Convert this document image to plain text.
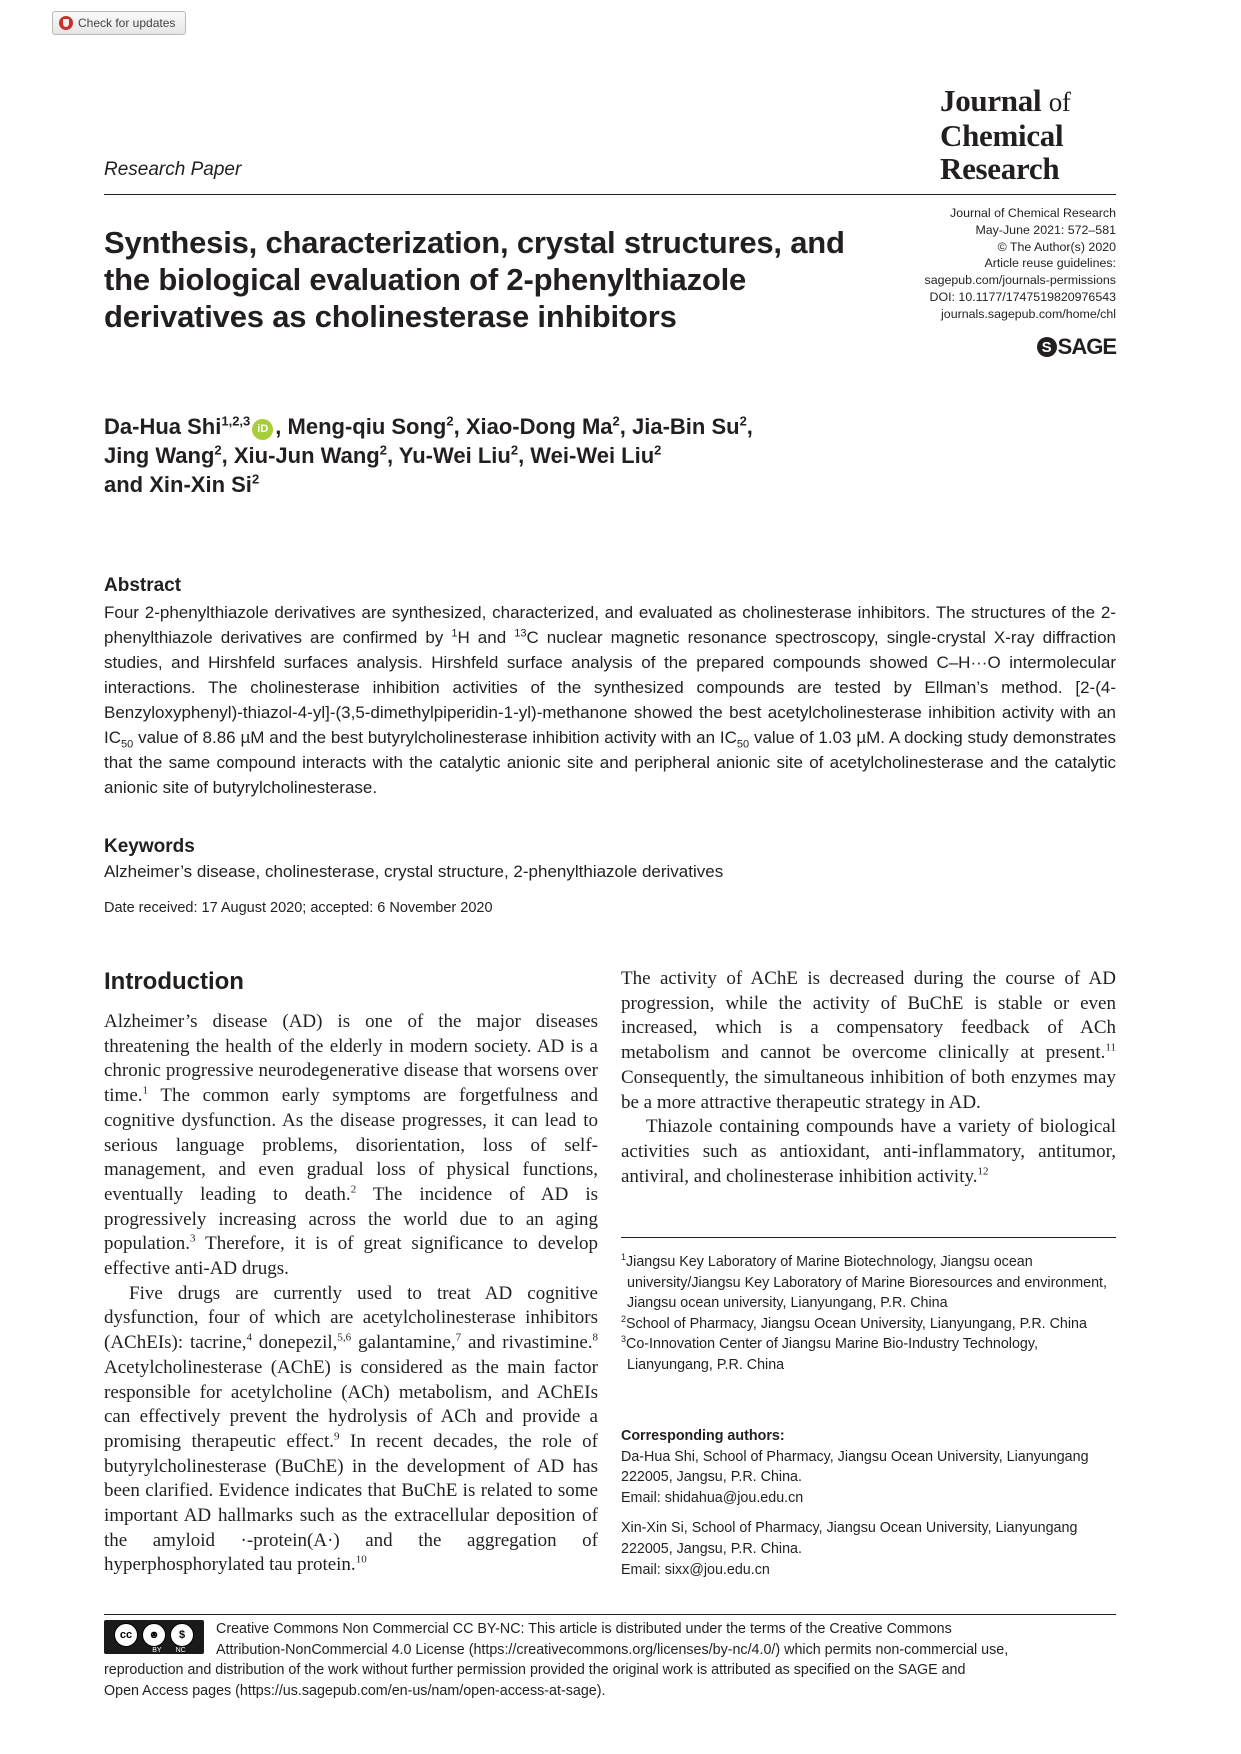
Check for updates
Journal of
Chemical
Research
Research Paper
Synthesis, characterization, crystal structures, and the biological evaluation of 2-phenylthiazole derivatives as cholinesterase inhibitors
Journal of Chemical Research
May-June 2021: 572–581
© The Author(s) 2020
Article reuse guidelines:
sagepub.com/journals-permissions
DOI: 10.1177/1747519820976543
journals.sagepub.com/home/chl
S SAGE
Da-Hua Shi$^{1,2,3}$iD , Meng-qiu Song$^2$, Xiao-Dong Ma$^2$, Jia-Bin Su$^2$,
Jing Wang$^2$, Xiu-Jun Wang$^2$, Yu-Wei Liu$^2$, Wei-Wei Liu$^2$
and Xin-Xin Si$^2$
Abstract

Four 2-phenylthiazole derivatives are synthesized, characterized, and evaluated as cholinesterase inhibitors. The structures of the 2-phenylthiazole derivatives are confirmed by $^1$H and $^{13}$C nuclear magnetic resonance spectroscopy, single-crystal X-ray diffraction studies, and Hirshfeld surfaces analysis. Hirshfeld surface analysis of the prepared compounds showed C–H···O intermolecular interactions. The cholinesterase inhibition activities of the synthesized compounds are tested by Ellman’s method. [2-(4-Benzyloxyphenyl)-thiazol-4-yl]-(3,5-dimethylpiperidin-1-yl)-methanone showed the best acetylcholinesterase inhibition activity with an $IC_{50}$ value of 8.86 µM and the best butyrylcholinesterase inhibition activity with an $IC_{50}$ value of 1.03 µM. A docking study demonstrates that the same compound interacts with the catalytic anionic site and peripheral anionic site of acetylcholinesterase and the catalytic anionic site of butyrylcholinesterase.

Keywords
Alzheimer’s disease, cholinesterase, crystal structure, 2-phenylthiazole derivatives
Date received: 17 August 2020; accepted: 6 November 2020
Introduction

Alzheimer’s disease (AD) is one of the major diseases threatening the health of the elderly in modern society. AD is a chronic progressive neurodegenerative disease that worsens over time.$^1$ The common early symptoms are forgetfulness and cognitive dysfunction. As the disease progresses, it can lead to serious language problems, disorientation, loss of self-management, and even gradual loss of physical functions, eventually leading to death.$^2$ The incidence of AD is progressively increasing across the world due to an aging population.$^3$ Therefore, it is of great significance to develop effective anti-AD drugs.

Five drugs are currently used to treat AD cognitive dysfunction, four of which are acetylcholinesterase inhibitors (AChEIs): tacrine,$^4$ donepezil,$^{5,6}$ galantamine,$^7$ and rivastimine.$^8$ Acetylcholinesterase (AChE) is considered as the main factor responsible for acetylcholine (ACh) metabolism, and AChEIs can effectively prevent the hydrolysis of ACh and provide a promising therapeutic effect.$^9$ In recent decades, the role of butyrylcholinesterase (BuChE) in the development of AD has been clarified. Evidence indicates that BuChE is related to some important AD hallmarks such as the extracellular deposition of the amyloid ·-protein(A·) and the aggregation of hyperphosphorylated tau protein.$^{10}$

The activity of AChE is decreased during the course of AD progression, while the activity of BuChE is stable or even increased, which is a compensatory feedback of ACh metabolism and cannot be overcome clinically at present.$^{11}$ Consequently, the simultaneous inhibition of both enzymes may be a more attractive therapeutic strategy in AD.

Thiazole containing compounds have a variety of biological activities such as antioxidant, anti-inflammatory, antitumor, antiviral, and cholinesterase inhibition activity.$^{12}$

$^1$Jiangsu Key Laboratory of Marine Biotechnology, Jiangsu ocean university/Jiangsu Key Laboratory of Marine Bioresources and environment, Jiangsu ocean university, Lianyungang, P.R. China
$^2$School of Pharmacy, Jiangsu Ocean University, Lianyungang, P.R. China
$^3$Co-Innovation Center of Jiangsu Marine Bio-Industry Technology, Lianyungang, P.R. China
Corresponding authors:
Da-Hua Shi, School of Pharmacy, Jiangsu Ocean University, Lianyungang
222005, Jangsu, P.R. China.
Email: shidahua@jou.edu.cn
Xin-Xin Si, School of Pharmacy, Jiangsu Ocean University, Lianyungang
222005, Jangsu, P.R. China.
Email: sixx@jou.edu.cn
cc	☻	$
BY NC
Creative Commons Non Commercial CC BY-NC: This article is distributed under the terms of the Creative Commons
Attribution-NonCommercial 4.0 License (https://creativecommons.org/licenses/by-nc/4.0/) which permits non-commercial use,
reproduction and distribution of the work without further permission provided the original work is attributed as specified on the SAGE and
Open Access pages (https://us.sagepub.com/en-us/nam/open-access-at-sage).
